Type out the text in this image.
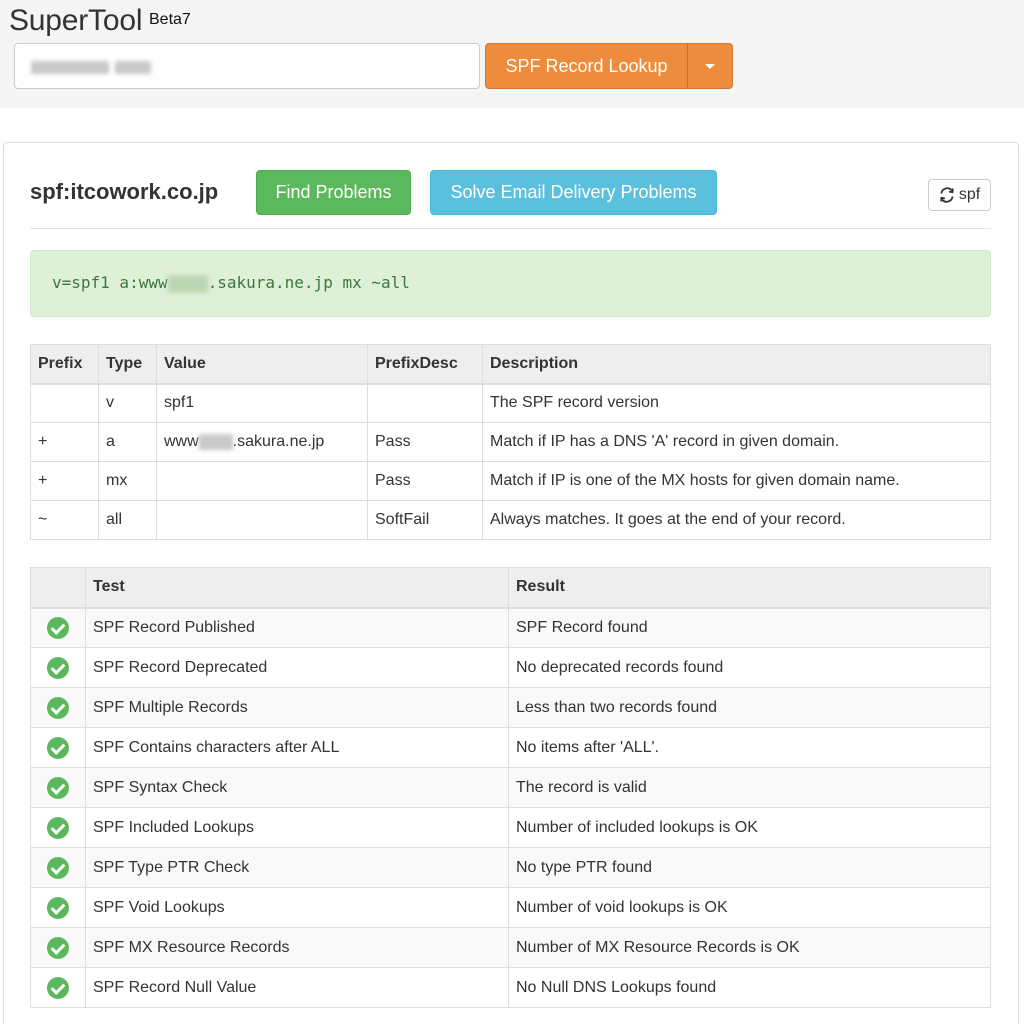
SuperTool Beta7
SPF Record Lookup
spf:itcowork.co.jp	Find Problems	Solve Email Delivery Problems	spf
v=spf1 a:www	.sakura.ne.jp mx ~all
Prefix	Type	Value	PrefixDesc	Description
	v	spf1		The SPF record version
+	a	www .sakura.ne.jp	Pass	Match if IP has a DNS 'A' record in given domain.
+	mx		Pass	Match if IP is one of the MX hosts for given domain name.
~	all		SoftFail	Always matches. It goes at the end of your record.
	Test	Result
	SPF Record Published	SPF Record found
	SPF Record Deprecated	No deprecated records found
	SPF Multiple Records	Less than two records found
	SPF Contains characters after ALL	No items after 'ALL'.
	SPF Syntax Check	The record is valid
	SPF Included Lookups	Number of included lookups is OK
	SPF Type PTR Check	No type PTR found
	SPF Void Lookups	Number of void lookups is OK
	SPF MX Resource Records	Number of MX Resource Records is OK
	SPF Record Null Value	No Null DNS Lookups found
